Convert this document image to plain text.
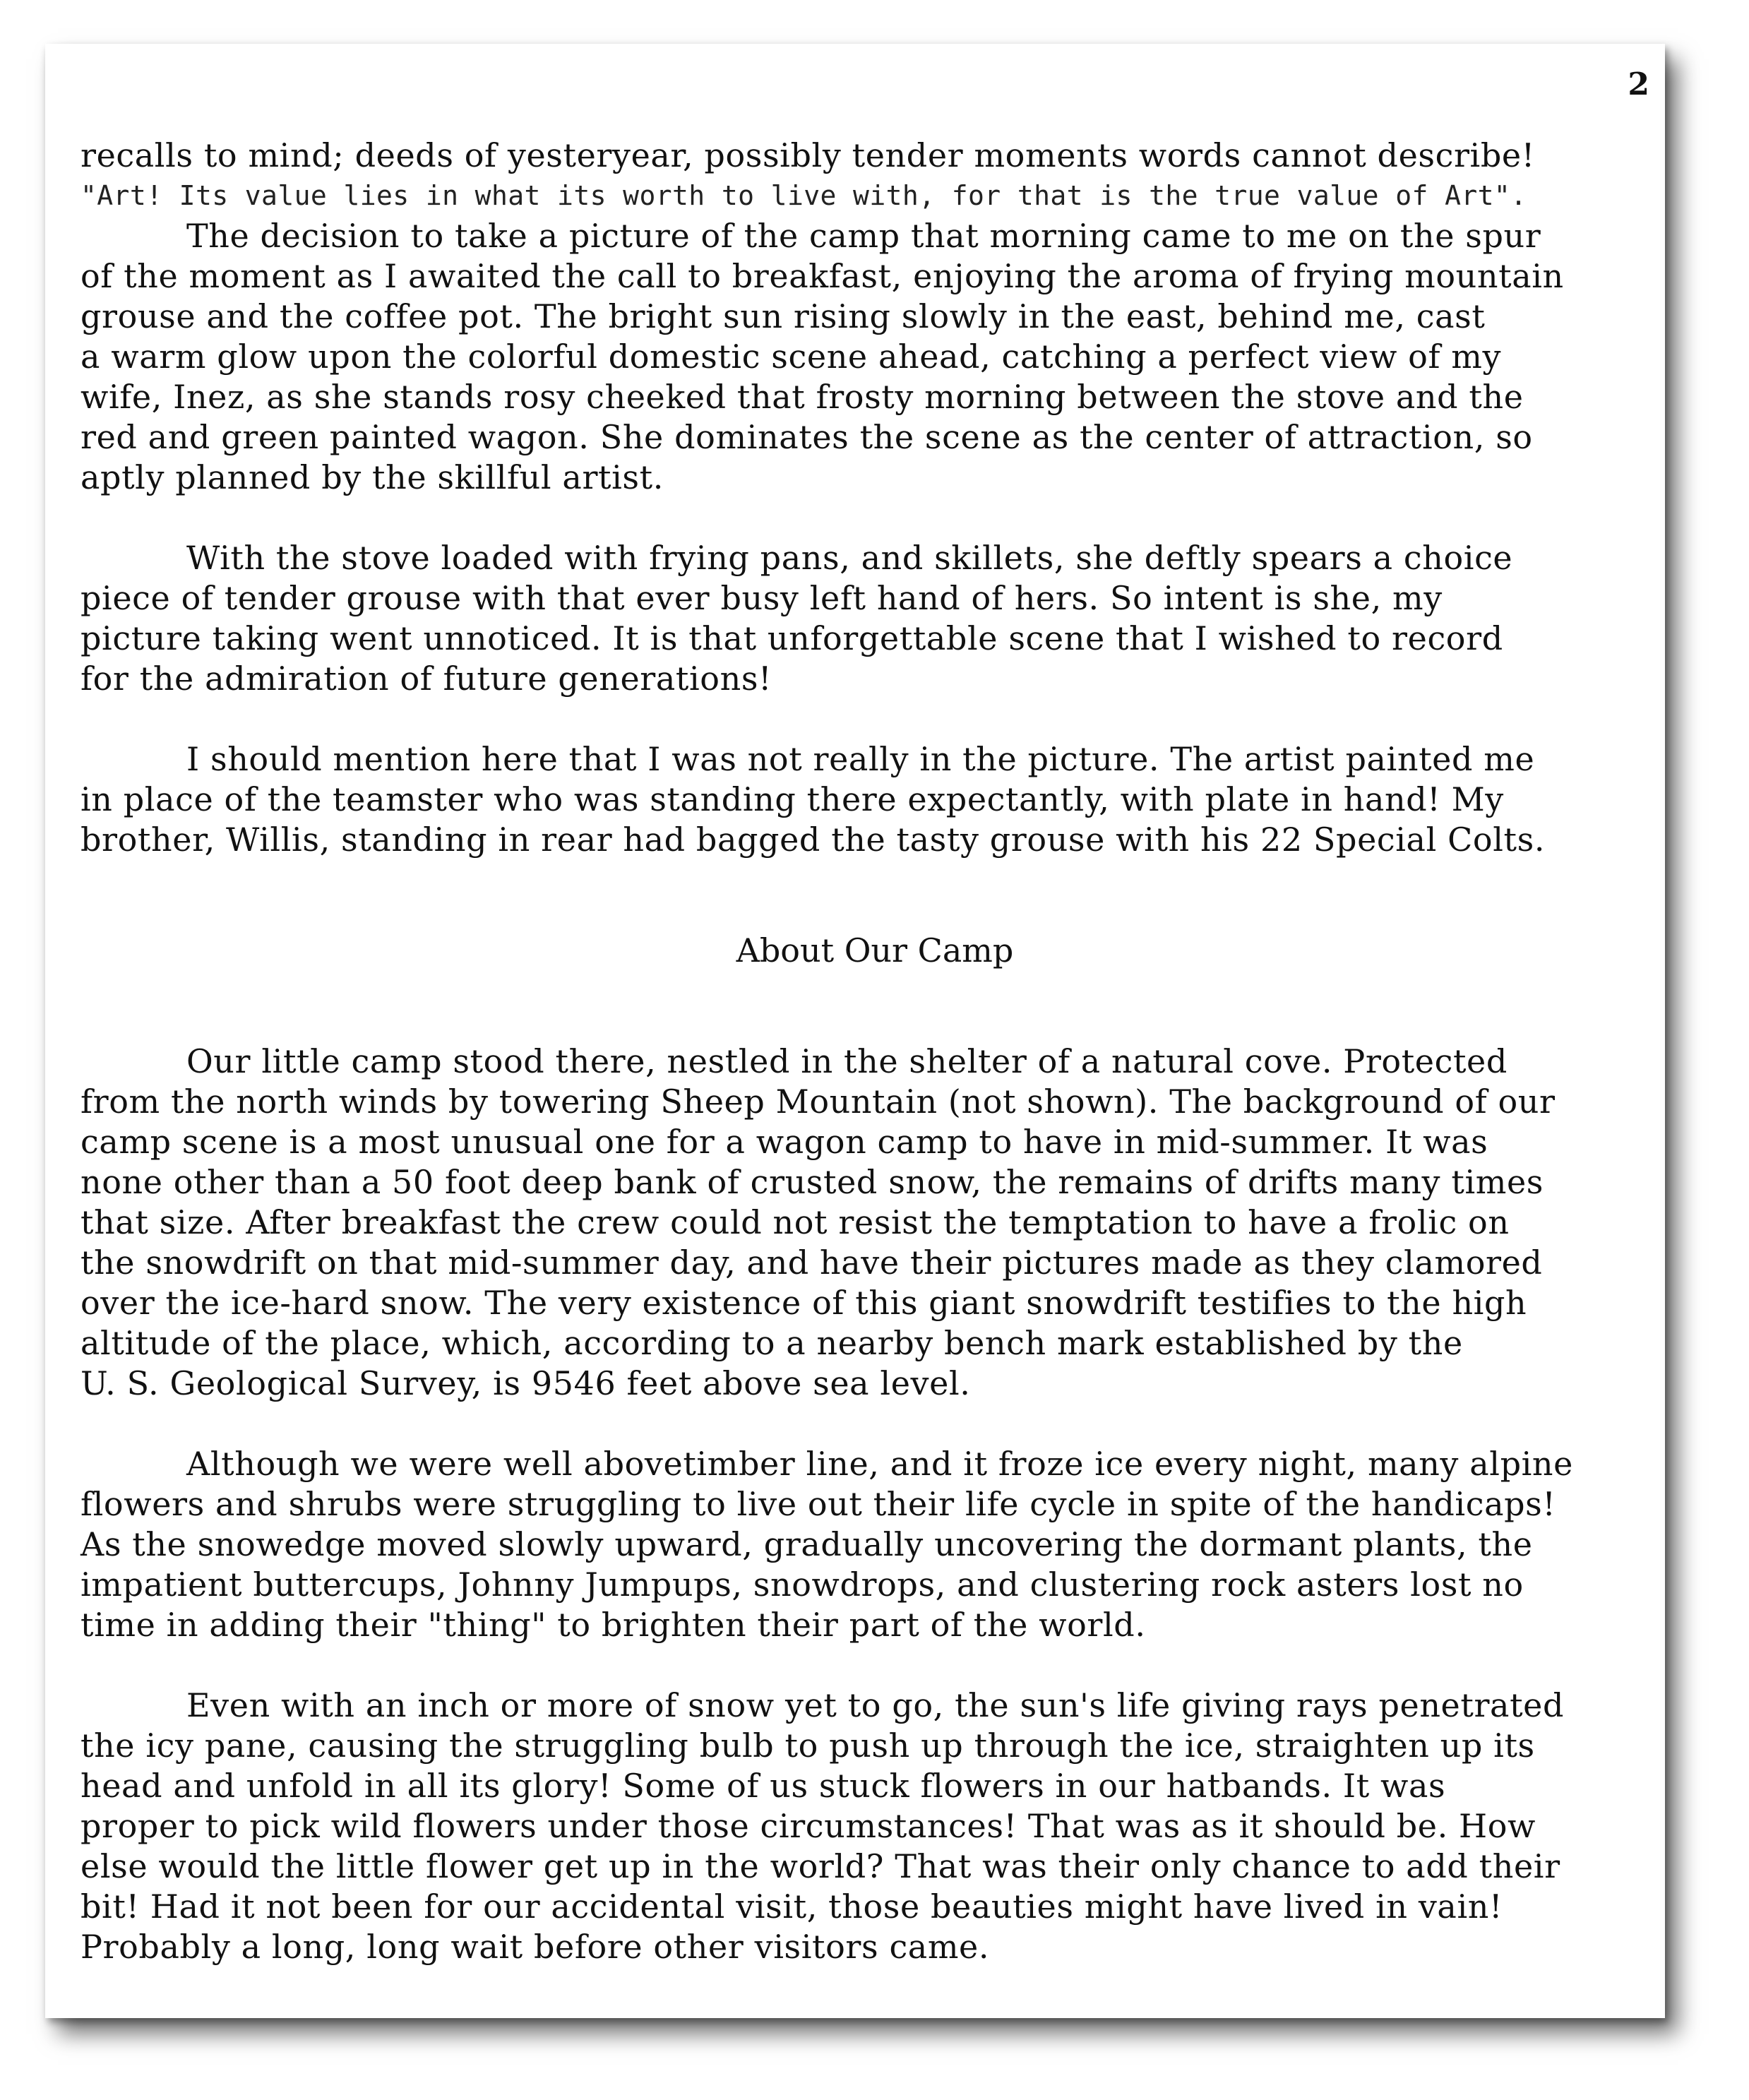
2

recalls to mind; deeds of yesteryear, possibly tender moments words cannot describe!

"Art! Its value lies in what its worth to live with, for that is the true value of Art".

The decision to take a picture of the camp that morning came to me on the spur

of the moment as I awaited the call to breakfast, enjoying the aroma of frying mountain

grouse and the coffee pot. The bright sun rising slowly in the east, behind me, cast

a warm glow upon the colorful domestic scene ahead, catching a perfect view of my

wife, Inez, as she stands rosy cheeked that frosty morning between the stove and the

red and green painted wagon. She dominates the scene as the center of attraction, so

aptly planned by the skillful artist.

With the stove loaded with frying pans, and skillets, she deftly spears a choice

piece of tender grouse with that ever busy left hand of hers. So intent is she, my

picture taking went unnoticed. It is that unforgettable scene that I wished to record

for the admiration of future generations!

I should mention here that I was not really in the picture. The artist painted me

in place of the teamster who was standing there expectantly, with plate in hand! My

brother, Willis, standing in rear had bagged the tasty grouse with his 22 Special Colts.

About Our Camp

Our little camp stood there, nestled in the shelter of a natural cove. Protected

from the north winds by towering Sheep Mountain (not shown). The background of our

camp scene is a most unusual one for a wagon camp to have in mid-summer. It was

none other than a 50 foot deep bank of crusted snow, the remains of drifts many times

that size. After breakfast the crew could not resist the temptation to have a frolic on

the snowdrift on that mid-summer day, and have their pictures made as they clamored

over the ice-hard snow. The very existence of this giant snowdrift testifies to the high

altitude of the place, which, according to a nearby bench mark established by the

U. S. Geological Survey, is 9546 feet above sea level.

Although we were well abovetimber line, and it froze ice every night, many alpine

flowers and shrubs were struggling to live out their life cycle in spite of the handicaps!

As the snowedge moved slowly upward, gradually uncovering the dormant plants, the

impatient buttercups, Johnny Jumpups, snowdrops, and clustering rock asters lost no

time in adding their "thing" to brighten their part of the world.

Even with an inch or more of snow yet to go, the sun's life giving rays penetrated

the icy pane, causing the struggling bulb to push up through the ice, straighten up its

head and unfold in all its glory! Some of us stuck flowers in our hatbands. It was

proper to pick wild flowers under those circumstances! That was as it should be. How

else would the little flower get up in the world? That was their only chance to add their

bit! Had it not been for our accidental visit, those beauties might have lived in vain!

Probably a long, long wait before other visitors came.
